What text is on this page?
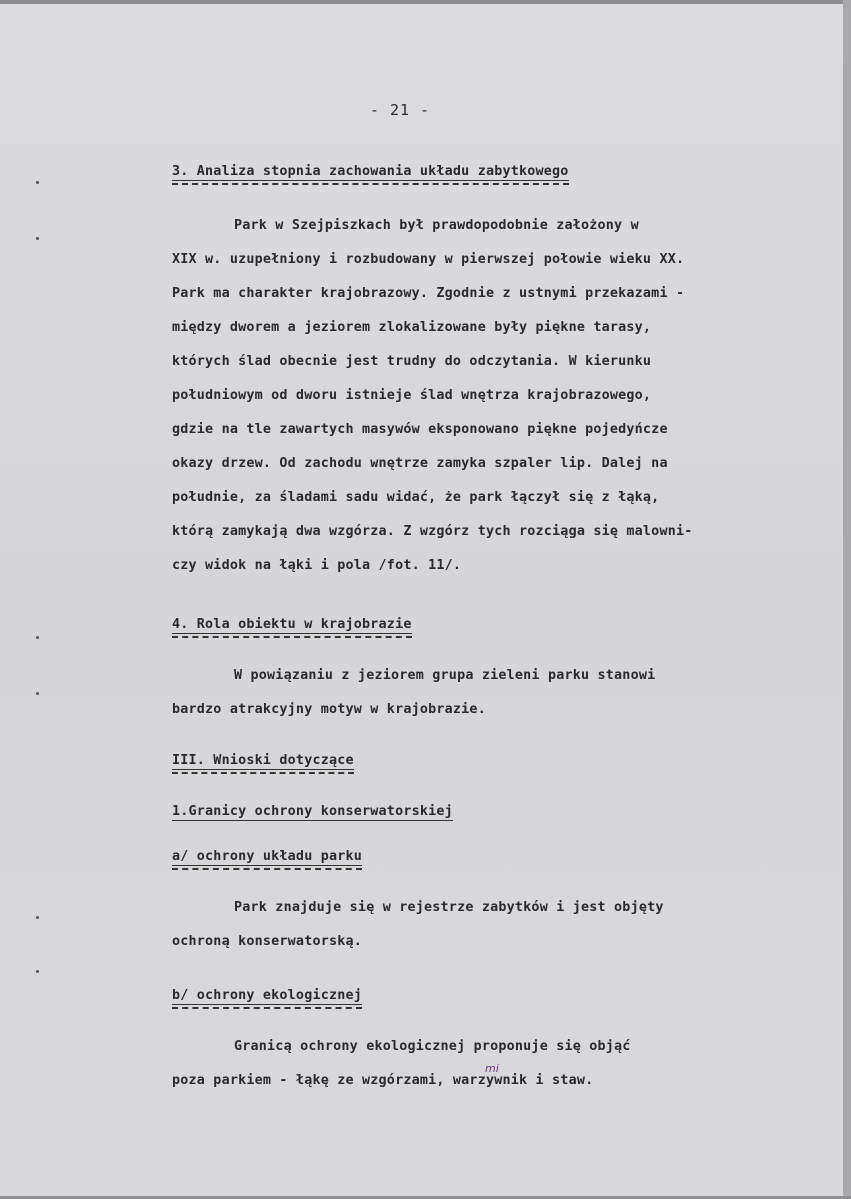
- 21 -
3. Analiza stopnia zachowania układu zabytkowego
Park w Szejpiszkach był prawdopodobnie założony w
XIX w. uzupełniony i rozbudowany w pierwszej połowie wieku XX.
Park ma charakter krajobrazowy. Zgodnie z ustnymi przekazami -
między dworem a jeziorem zlokalizowane były piękne tarasy,
których ślad obecnie jest trudny do odczytania. W kierunku
południowym od dworu istnieje ślad wnętrza krajobrazowego,
gdzie na tle zawartych masywów eksponowano piękne pojedyńcze
okazy drzew. Od zachodu wnętrze zamyka szpaler lip. Dalej na
południe, za śladami sadu widać, że park łączył się z łąką,
którą zamykają dwa wzgórza. Z wzgórz tych rozciąga się malowni-
czy widok na łąki i pola /fot. 11/.
4. Rola obiektu w krajobrazie
W powiązaniu z jeziorem grupa zieleni parku stanowi
bardzo atrakcyjny motyw w krajobrazie.
III. Wnioski dotyczące
1.Granicy ochrony konserwatorskiej
a/ ochrony układu parku
Park znajduje się w rejestrze zabytków i jest objęty
ochroną konserwatorską.
b/ ochrony ekologicznej
Granicą ochrony ekologicznej proponuje się objąć
poza parkiem - łąkę ze wzgórzami, warzywnik i staw.
mi
